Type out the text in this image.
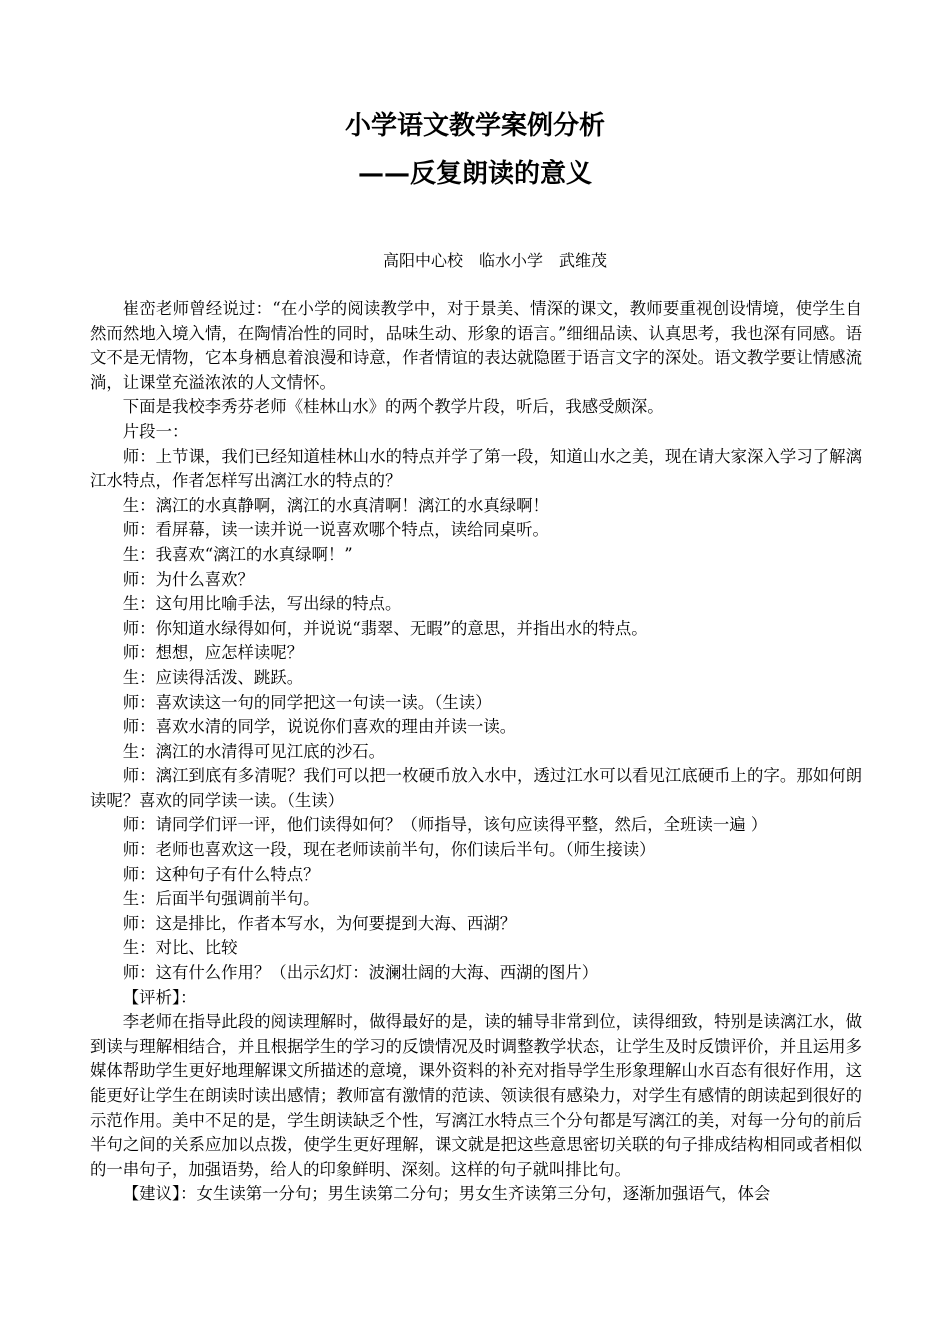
小学语文教学案例分析
——反复朗读的意义
高阳中心校　临水小学　武维茂

崔峦老师曾经说过：“在小学的阅读教学中，对于景美、情深的课文，教师要重视创设情境，使学生自然而然地入境入情，在陶情冶性的同时，品味生动、形象的语言。”细细品读、认真思考，我也深有同感。语文不是无情物，它本身栖息着浪漫和诗意，作者情谊的表达就隐匿于语言文字的深处。语文教学要让情感流淌，让课堂充溢浓浓的人文情怀。

下面是我校李秀芬老师《桂林山水》的两个教学片段，听后，我感受颇深。

片段一：

师：上节课，我们已经知道桂林山水的特点并学了第一段，知道山水之美，现在请大家深入学习了解漓江水特点，作者怎样写出漓江水的特点的？

生：漓江的水真静啊，漓江的水真清啊！漓江的水真绿啊！

师：看屏幕，读一读并说一说喜欢哪个特点，读给同桌听。

生：我喜欢“漓江的水真绿啊！”

师：为什么喜欢？

生：这句用比喻手法，写出绿的特点。

师：你知道水绿得如何，并说说“翡翠、无暇”的意思，并指出水的特点。

师：想想，应怎样读呢？

生：应读得活泼、跳跃。

师：喜欢读这一句的同学把这一句读一读。（生读）

师：喜欢水清的同学，说说你们喜欢的理由并读一读。

生：漓江的水清得可见江底的沙石。

师：漓江到底有多清呢？我们可以把一枚硬币放入水中，透过江水可以看见江底硬币上的字。那如何朗读呢？喜欢的同学读一读。（生读）

师：请同学们评一评，他们读得如何？（师指导，该句应读得平整，然后，全班读一遍 ）

师：老师也喜欢这一段，现在老师读前半句，你们读后半句。（师生接读）

师：这种句子有什么特点？

生：后面半句强调前半句。

师：这是排比，作者本写水，为何要提到大海、西湖？

生：对比、比较

师：这有什么作用？（出示幻灯：波澜壮阔的大海、西湖的图片）

【评析】：

李老师在指导此段的阅读理解时，做得最好的是，读的辅导非常到位，读得细致，特别是读漓江水，做到读与理解相结合，并且根据学生的学习的反馈情况及时调整教学状态，让学生及时反馈评价，并且运用多媒体帮助学生更好地理解课文所描述的意境，课外资料的补充对指导学生形象理解山水百态有很好作用，这能更好让学生在朗读时读出感情；教师富有激情的范读、领读很有感染力，对学生有感情的朗读起到很好的示范作用。美中不足的是，学生朗读缺乏个性，写漓江水特点三个分句都是写漓江的美，对每一分句的前后半句之间的关系应加以点拨，使学生更好理解，课文就是把这些意思密切关联的句子排成结构相同或者相似的一串句子，加强语势，给人的印象鲜明、深刻。这样的句子就叫排比句。

【建议】：女生读第一分句；男生读第二分句；男女生齐读第三分句，逐渐加强语气，体会
